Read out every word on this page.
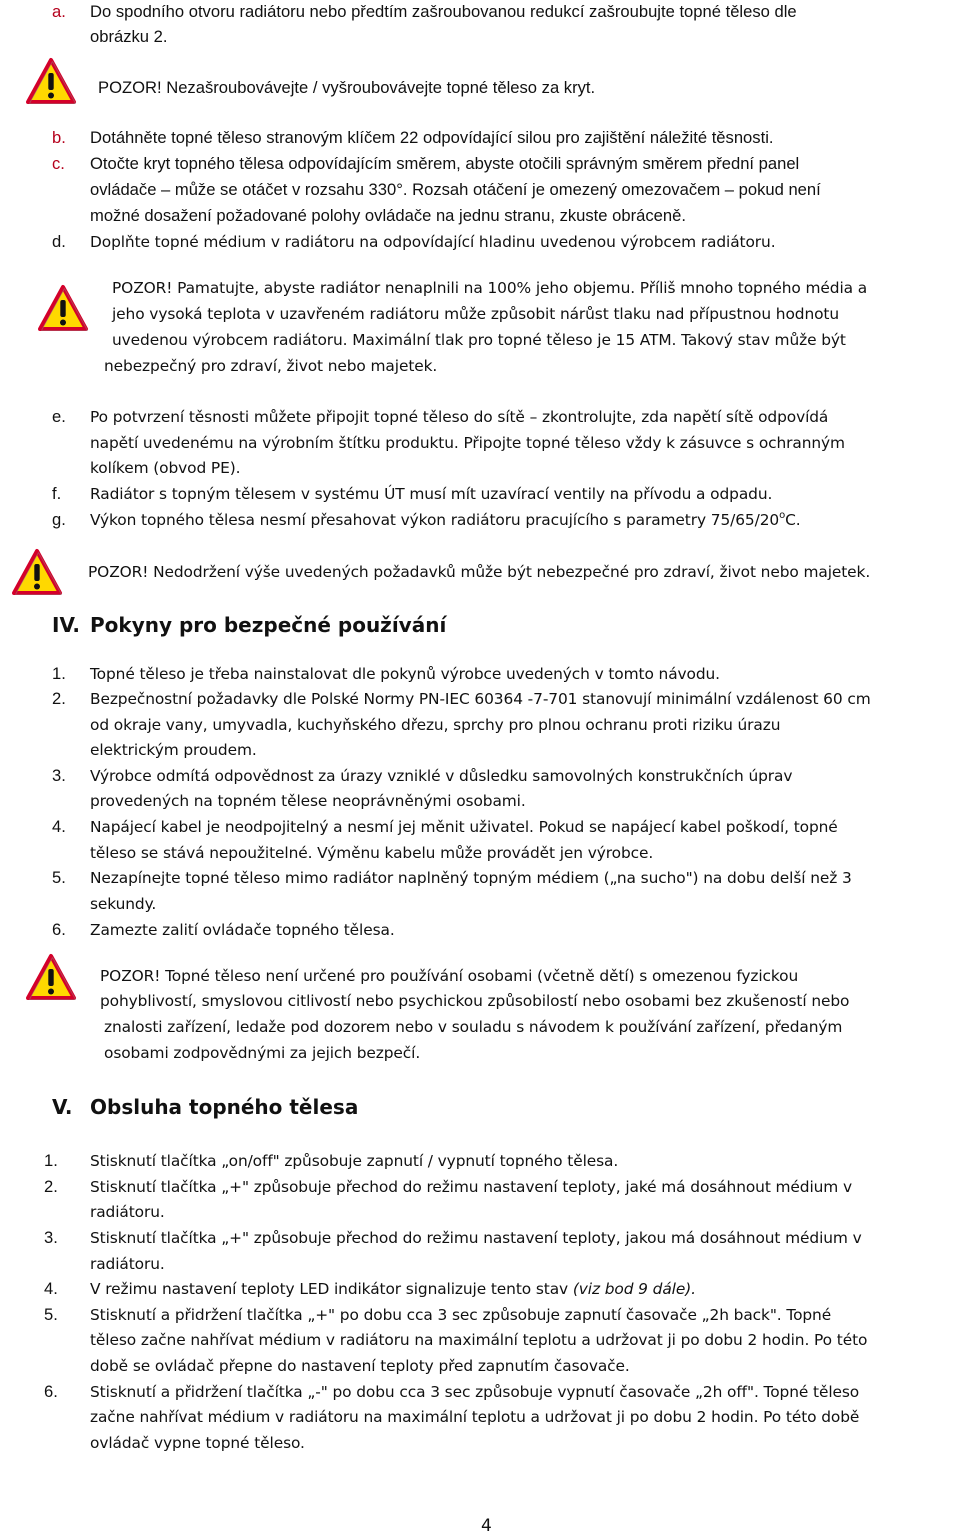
a. Do spodního otvoru radiátoru nebo předtím zašroubovanou redukcí zašroubujte topné těleso dle
obrázku 2.
POZOR! Nezašroubovávejte / vyšroubovávejte topné těleso za kryt.
b. Dotáhněte topné těleso stranovým klíčem 22 odpovídající silou pro zajištění náležité těsnosti.
c. Otočte kryt topného tělesa odpovídajícím směrem, abyste otočili správným směrem přední panel
ovládače – může se otáčet v rozsahu 330°. Rozsah otáčení je omezený omezovačem – pokud není
možné dosažení požadované polohy ovládače na jednu stranu, zkuste obráceně.
d. Doplňte topné médium v radiátoru na odpovídající hladinu uvedenou výrobcem radiátoru.
POZOR! Pamatujte, abyste radiátor nenaplnili na 100% jeho objemu. Příliš mnoho topného média a
jeho vysoká teplota v uzavřeném radiátoru může způsobit nárůst tlaku nad přípustnou hodnotu
uvedenou výrobcem radiátoru. Maximální tlak pro topné těleso je 15 ATM. Takový stav může být
nebezpečný pro zdraví, život nebo majetek.
e. Po potvrzení těsnosti můžete připojit topné těleso do sítě – zkontrolujte, zda napětí sítě odpovídá
napětí uvedenému na výrobním štítku produktu. Připojte topné těleso vždy k zásuvce s ochranným
kolíkem (obvod PE).
f. Radiátor s topným tělesem v systému ÚT musí mít uzavírací ventily na přívodu a odpadu.
g. Výkon topného tělesa nesmí přesahovat výkon radiátoru pracujícího s parametry 75/65/20$^o$C.
POZOR! Nedodržení výše uvedených požadavků může být nebezpečné pro zdraví, život nebo majetek.
IV. Pokyny pro bezpečné používání
1. Topné těleso je třeba nainstalovat dle pokynů výrobce uvedených v tomto návodu.
2. Bezpečnostní požadavky dle Polské Normy PN-IEC 60364 -7-701 stanovují minimální vzdálenost 60 cm
od okraje vany, umyvadla, kuchyňského dřezu, sprchy pro plnou ochranu proti riziku úrazu
elektrickým proudem.
3. Výrobce odmítá odpovědnost za úrazy vzniklé v důsledku samovolných konstrukčních úprav
provedených na topném tělese neoprávněnými osobami.
4. Napájecí kabel je neodpojitelný a nesmí jej měnit uživatel. Pokud se napájecí kabel poškodí, topné
těleso se stává nepoužitelné. Výměnu kabelu může provádět jen výrobce.
5. Nezapínejte topné těleso mimo radiátor naplněný topným médiem („na sucho") na dobu delší než 3
sekundy.
6. Zamezte zalití ovládače topného tělesa.
POZOR! Topné těleso není určené pro používání osobami (včetně dětí) s omezenou fyzickou
pohyblivostí, smyslovou citlivostí nebo psychickou způsobilostí nebo osobami bez zkušeností nebo
znalosti zařízení, ledaže pod dozorem nebo v souladu s návodem k používání zařízení, předaným
osobami zodpovědnými za jejich bezpečí.
V. Obsluha topného tělesa
1. Stisknutí tlačítka „on/off" způsobuje zapnutí / vypnutí topného tělesa.
2. Stisknutí tlačítka „+" způsobuje přechod do režimu nastavení teploty, jaké má dosáhnout médium v
radiátoru.
3. Stisknutí tlačítka „+" způsobuje přechod do režimu nastavení teploty, jakou má dosáhnout médium v
radiátoru.
4. V režimu nastavení teploty LED indikátor signalizuje tento stav (viz bod 9 dále).
5. Stisknutí a přidržení tlačítka „+" po dobu cca 3 sec způsobuje zapnutí časovače „2h back". Topné
těleso začne nahřívat médium v radiátoru na maximální teplotu a udržovat ji po dobu 2 hodin. Po této
době se ovládač přepne do nastavení teploty před zapnutím časovače.
6. Stisknutí a přidržení tlačítka „-" po dobu cca 3 sec způsobuje vypnutí časovače „2h off". Topné těleso
začne nahřívat médium v radiátoru na maximální teplotu a udržovat ji po dobu 2 hodin. Po této době
ovládač vypne topné těleso.
4
